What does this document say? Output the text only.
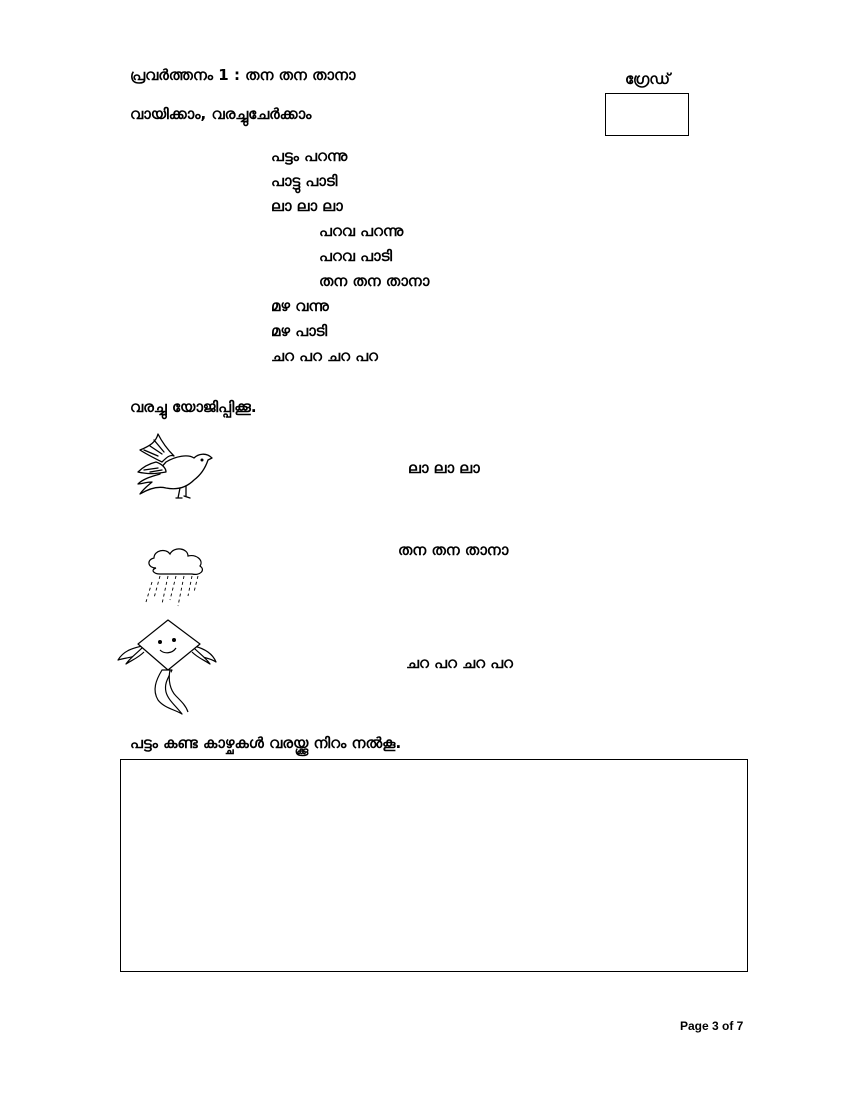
പ്രവർത്തനം 1 : തന തന താനാ
വായിക്കാം, വരച്ചുചേർക്കാം
ഗ്രേഡ്
പട്ടം പറന്നു
പാട്ടു പാടി
ലാ ലാ ലാ
പറവ പറന്നു
പറവ പാടി
തന തന താനാ
മഴ വന്നു
മഴ പാടി
ചറ പറ ചറ പറ
വരച്ചു യോജിപ്പിക്കൂ.
ലാ ലാ ലാ
തന തന താനാ
ചറ പറ ചറ പറ
പട്ടം കണ്ട കാഴ്ചകൾ വരയ്ക്കൂ നിറം നൽകൂ.
Page 3 of 7
